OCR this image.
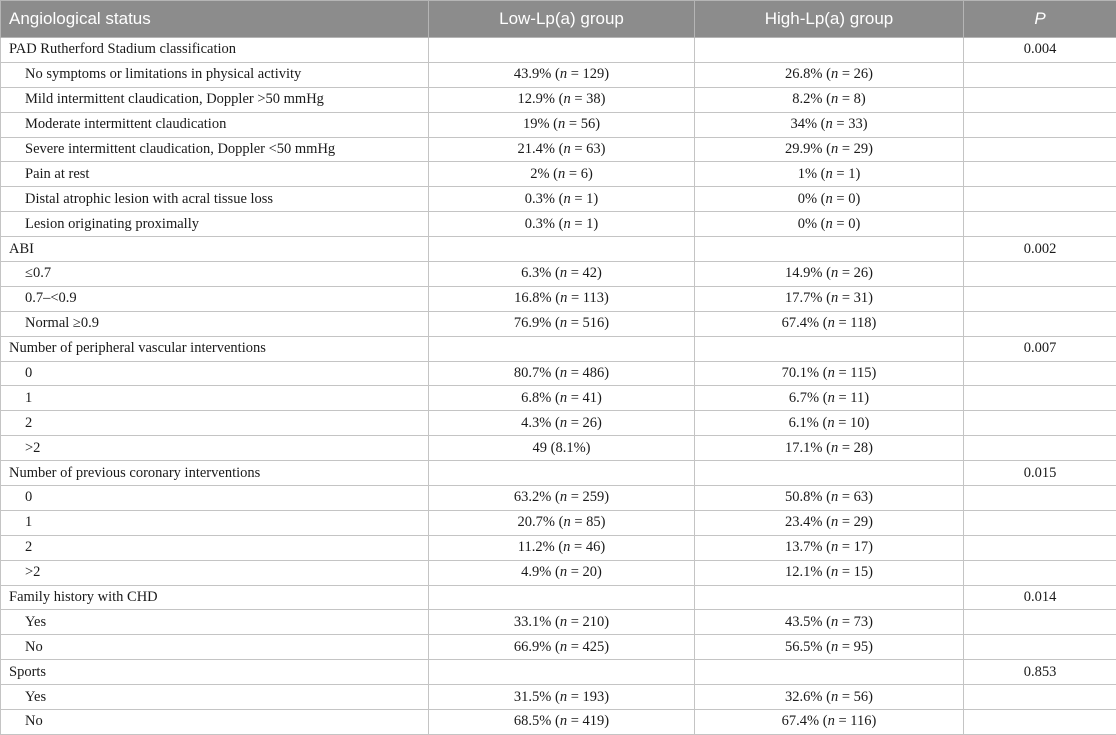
Angiological status	Low-Lp(a) group	High-Lp(a) group	P
PAD Rutherford Stadium classification			0.004
No symptoms or limitations in physical activity	43.9% (n = 129)	26.8% (n = 26)	
Mild intermittent claudication, Doppler >50 mmHg	12.9% (n = 38)	8.2% (n = 8)	
Moderate intermittent claudication	19% (n = 56)	34% (n = 33)	
Severe intermittent claudication, Doppler <50 mmHg	21.4% (n = 63)	29.9% (n = 29)	
Pain at rest	2% (n = 6)	1% (n = 1)	
Distal atrophic lesion with acral tissue loss	0.3% (n = 1)	0% (n = 0)	
Lesion originating proximally	0.3% (n = 1)	0% (n = 0)	
ABI			0.002
≤0.7	6.3% (n = 42)	14.9% (n = 26)	
0.7–<0.9	16.8% (n = 113)	17.7% (n = 31)	
Normal ≥0.9	76.9% (n = 516)	67.4% (n = 118)	
Number of peripheral vascular interventions			0.007
0	80.7% (n = 486)	70.1% (n = 115)	
1	6.8% (n = 41)	6.7% (n = 11)	
2	4.3% (n = 26)	6.1% (n = 10)	
>2	49 (8.1%)	17.1% (n = 28)	
Number of previous coronary interventions			0.015
0	63.2% (n = 259)	50.8% (n = 63)	
1	20.7% (n = 85)	23.4% (n = 29)	
2	11.2% (n = 46)	13.7% (n = 17)	
>2	4.9% (n = 20)	12.1% (n = 15)	
Family history with CHD			0.014
Yes	33.1% (n = 210)	43.5% (n = 73)	
No	66.9% (n = 425)	56.5% (n = 95)	
Sports			0.853
Yes	31.5% (n = 193)	32.6% (n = 56)	
No	68.5% (n = 419)	67.4% (n = 116)	
